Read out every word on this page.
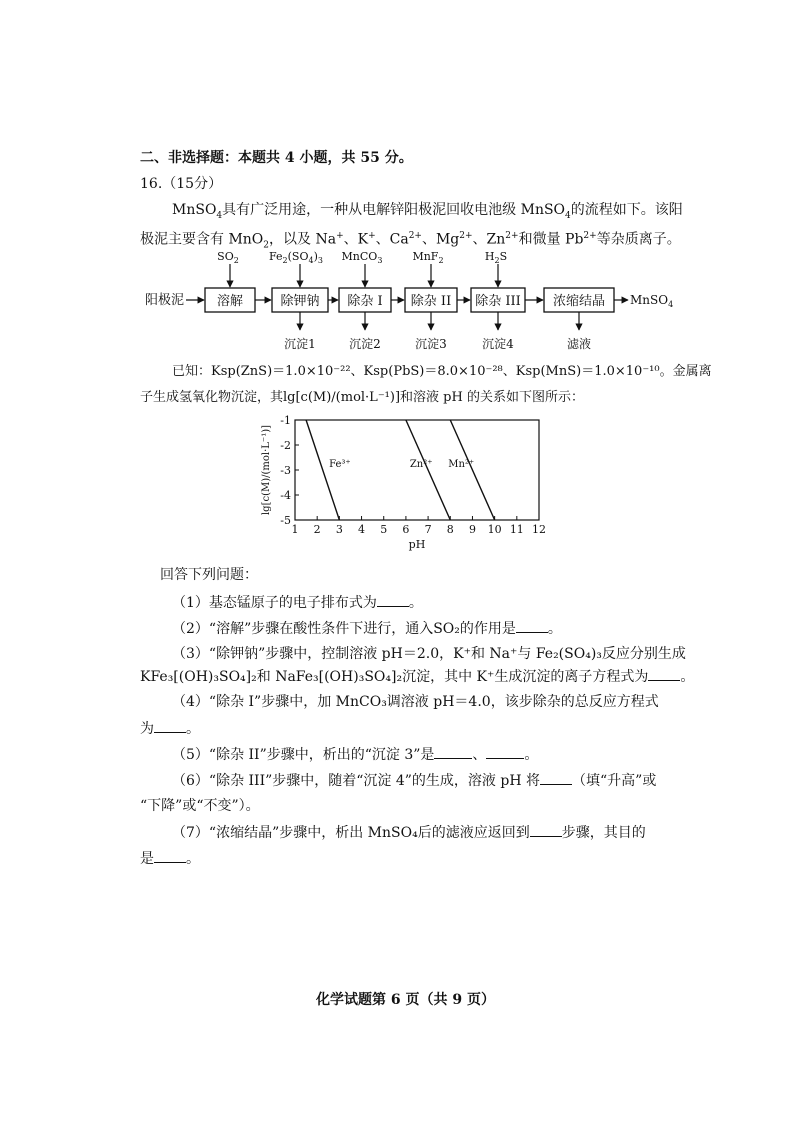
二、非选择题：本题共 4 小题，共 55 分。
16.（15分）
MnSO$_4$具有广泛用途，一种从电解锌阳极泥回收电池级 MnSO$_4$的流程如下。该阳
极泥主要含有 MnO$_2$，以及 Na+、K+、$Ca^{2+}$、$Mg^{2+}$、$Zn^{2+}$和微量 $Pb^{2+}$等杂质离子。
阳极泥	溶解
$SO_2$
除钾钠
$Fe_2(SO_4)_3$
沉淀1
除杂 I
MnCO$_3$
沉淀2
除杂 II
MnF$_2$
沉淀3
除杂 III
$H_2S$
沉淀4
浓缩结晶
滤液
MnSO$_4$
已知：Ksp(ZnS)＝1.0×10⁻²²、Ksp(PbS)＝8.0×10⁻²⁸、Ksp(MnS)＝1.0×10⁻¹⁰。金属离
子生成氢氧化物沉淀，其lg[c(M)/(mol·L⁻¹)]和溶液 pH 的关系如下图所示：
1 2 3 4 5 6 7 8 9 10 11 12
-1
-2
-3
-4
-5
pH
lg[c(M)/(mol·L⁻¹)]	Fe³⁺	Zn²⁺ Mn²⁺
回答下列问题：
（1）基态锰原子的电子排布式为 。
（2）“溶解”步骤在酸性条件下进行，通入SO₂的作用是 。
（3）“除钾钠”步骤中，控制溶液 pH＝2.0，K⁺和 Na⁺与 Fe₂(SO₄)₃反应分别生成
KFe₃[(OH)₃SO₄]₂和 NaFe₃[(OH)₃SO₄]₂沉淀，其中 K⁺生成沉淀的离子方程式为 。
（4）“除杂 I”步骤中，加 MnCO₃调溶液 pH＝4.0，该步除杂的总反应方程式
为 。
（5）“除杂 II”步骤中，析出的“沉淀 3”是	、	。
（6）“除杂 III”步骤中，随着“沉淀 4”的生成，溶液 pH 将 （填“升高”或
“下降”或“不变”）。
（7）“浓缩结晶”步骤中，析出 MnSO₄后的滤液应返回到 步骤，其目的
是 。
化学试题第 6 页（共 9 页）
